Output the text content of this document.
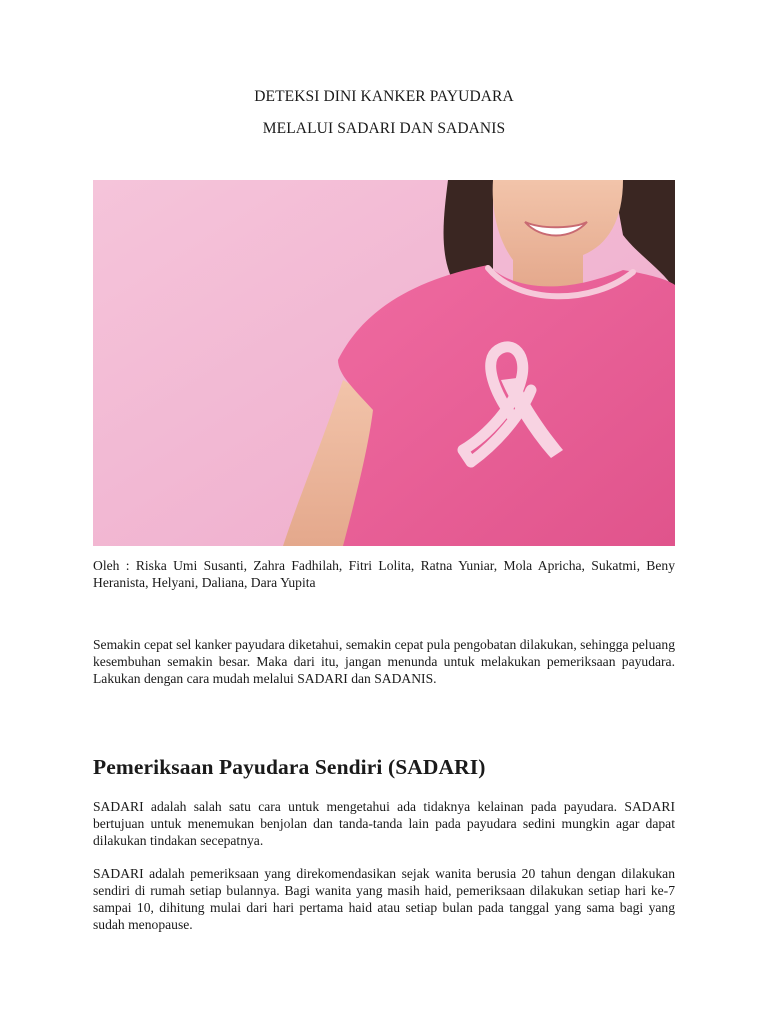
DETEKSI DINI KANKER PAYUDARA
MELALUI SADARI DAN SADANIS
Oleh : Riska Umi Susanti, Zahra Fadhilah, Fitri Lolita, Ratna Yuniar, Mola Apricha, Sukatmi, Beny Heranista, Helyani, Daliana, Dara Yupita
Semakin cepat sel kanker payudara diketahui, semakin cepat pula pengobatan dilakukan, sehingga peluang kesembuhan semakin besar. Maka dari itu, jangan menunda untuk melakukan pemeriksaan payudara. Lakukan dengan cara mudah melalui SADARI dan SADANIS.
Pemeriksaan Payudara Sendiri (SADARI)
SADARI adalah salah satu cara untuk mengetahui ada tidaknya kelainan pada payudara. SADARI bertujuan untuk menemukan benjolan dan tanda-tanda lain pada payudara sedini mungkin agar dapat dilakukan tindakan secepatnya.
SADARI adalah pemeriksaan yang direkomendasikan sejak wanita berusia 20 tahun dengan dilakukan sendiri di rumah setiap bulannya. Bagi wanita yang masih haid, pemeriksaan dilakukan setiap hari ke-7 sampai 10, dihitung mulai dari hari pertama haid atau setiap bulan pada tanggal yang sama bagi yang sudah menopause.
